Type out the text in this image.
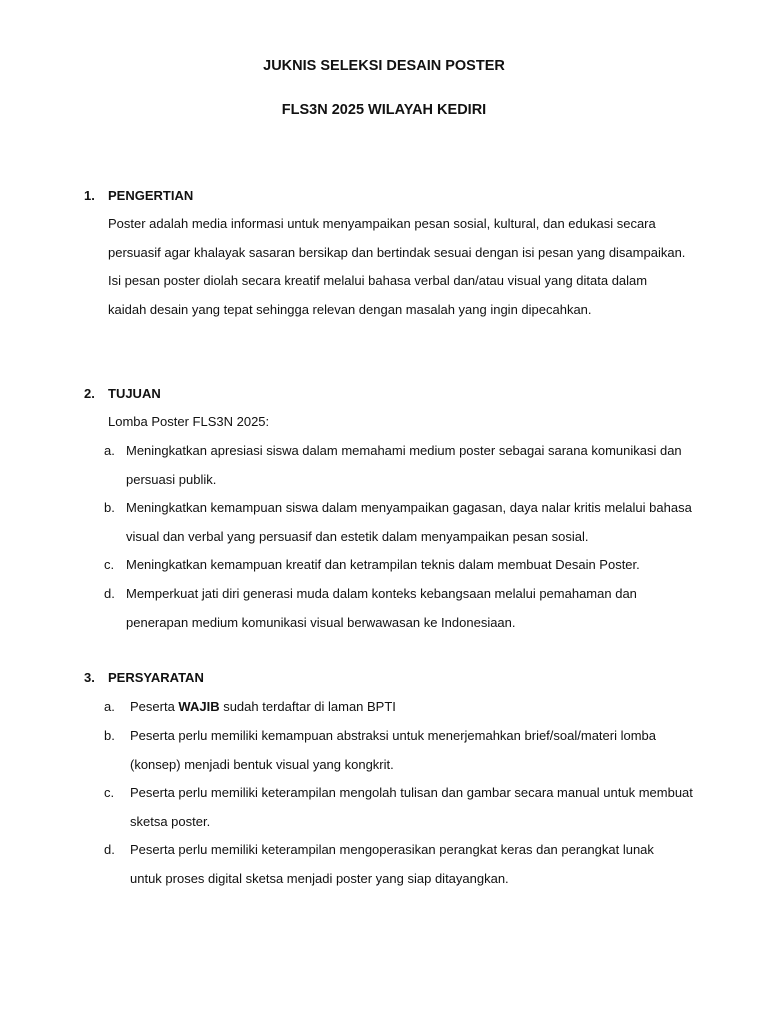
JUKNIS SELEKSI DESAIN POSTER
FLS3N 2025 WILAYAH KEDIRI
1. PENGERTIAN

Poster adalah media informasi untuk menyampaikan pesan sosial, kultural, dan edukasi secara persuasif agar khalayak sasaran bersikap dan bertindak sesuai dengan isi pesan yang disampaikan. Isi pesan poster diolah secara kreatif melalui bahasa verbal dan/atau visual yang ditata dalam kaidah desain yang tepat sehingga relevan dengan masalah yang ingin dipecahkan.

2. TUJUAN
Lomba Poster FLS3N 2025:
a. Meningkatkan apresiasi siswa dalam memahami medium poster sebagai sarana komunikasi dan persuasi publik.
b. Meningkatkan kemampuan siswa dalam menyampaikan gagasan, daya nalar kritis melalui bahasa visual dan verbal yang persuasif dan estetik dalam menyampaikan pesan sosial.
c. Meningkatkan kemampuan kreatif dan ketrampilan teknis dalam membuat Desain Poster.
d. Memperkuat jati diri generasi muda dalam konteks kebangsaan melalui pemahaman dan penerapan medium komunikasi visual berwawasan ke Indonesiaan.
3. PERSYARATAN
a. Peserta WAJIB sudah terdaftar di laman BPTI
b. Peserta perlu memiliki kemampuan abstraksi untuk menerjemahkan brief/soal/materi lomba (konsep) menjadi bentuk visual yang kongkrit.
c. Peserta perlu memiliki keterampilan mengolah tulisan dan gambar secara manual untuk membuat sketsa poster.
d. Peserta perlu memiliki keterampilan mengoperasikan perangkat keras dan perangkat lunak   untuk proses digital sketsa menjadi poster yang siap ditayangkan.
